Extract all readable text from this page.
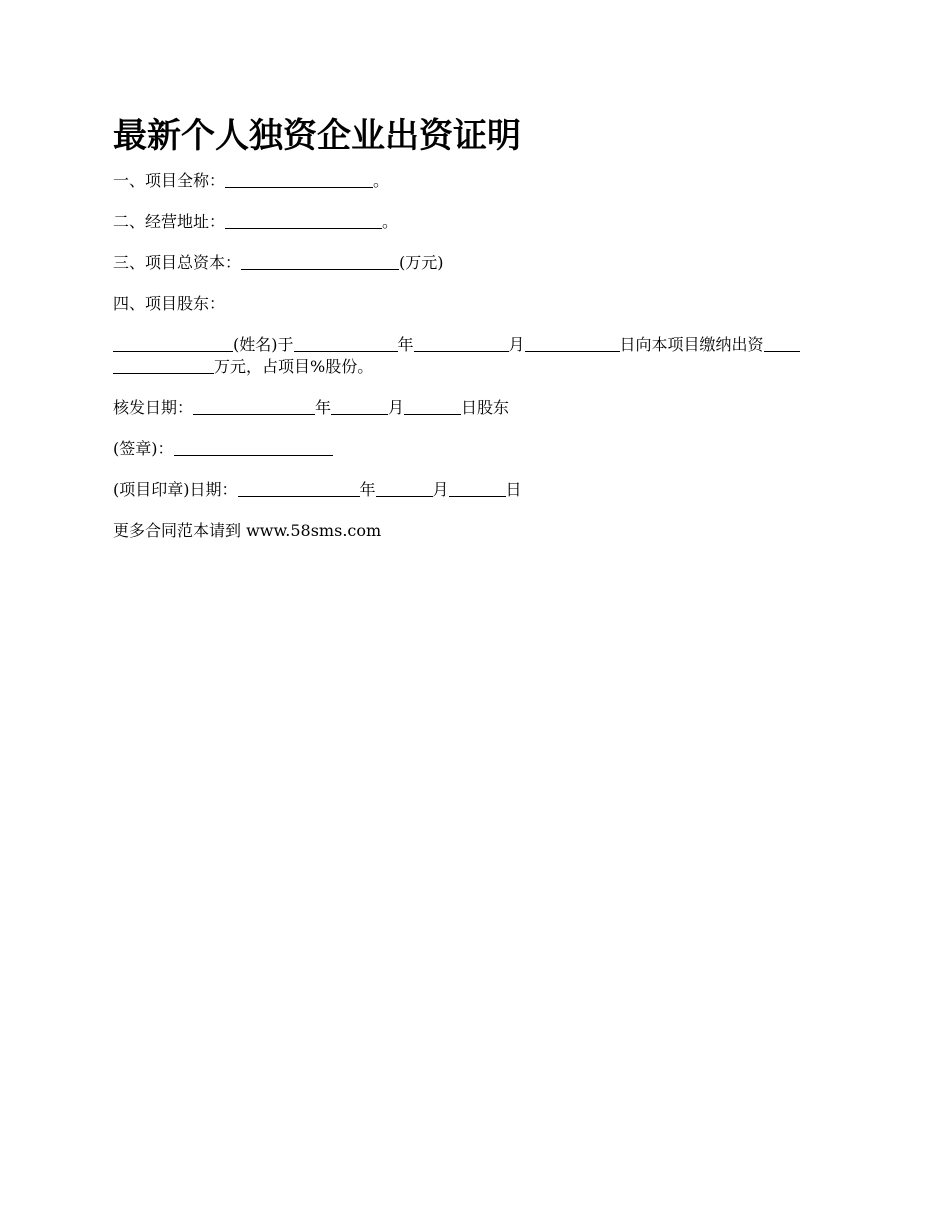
最新个人独资企业出资证明
一、项目全称：	。
二、经营地址：	。
三、项目总资本：	(万元)
四、项目股东：
(姓名)于	年	月	日向本项目缴纳出资
万元，占项目%股份。
核发日期：	年	月	日股东
(签章)：
(项目印章)日期：	年	月	日
更多合同范本请到 www.58sms.com
